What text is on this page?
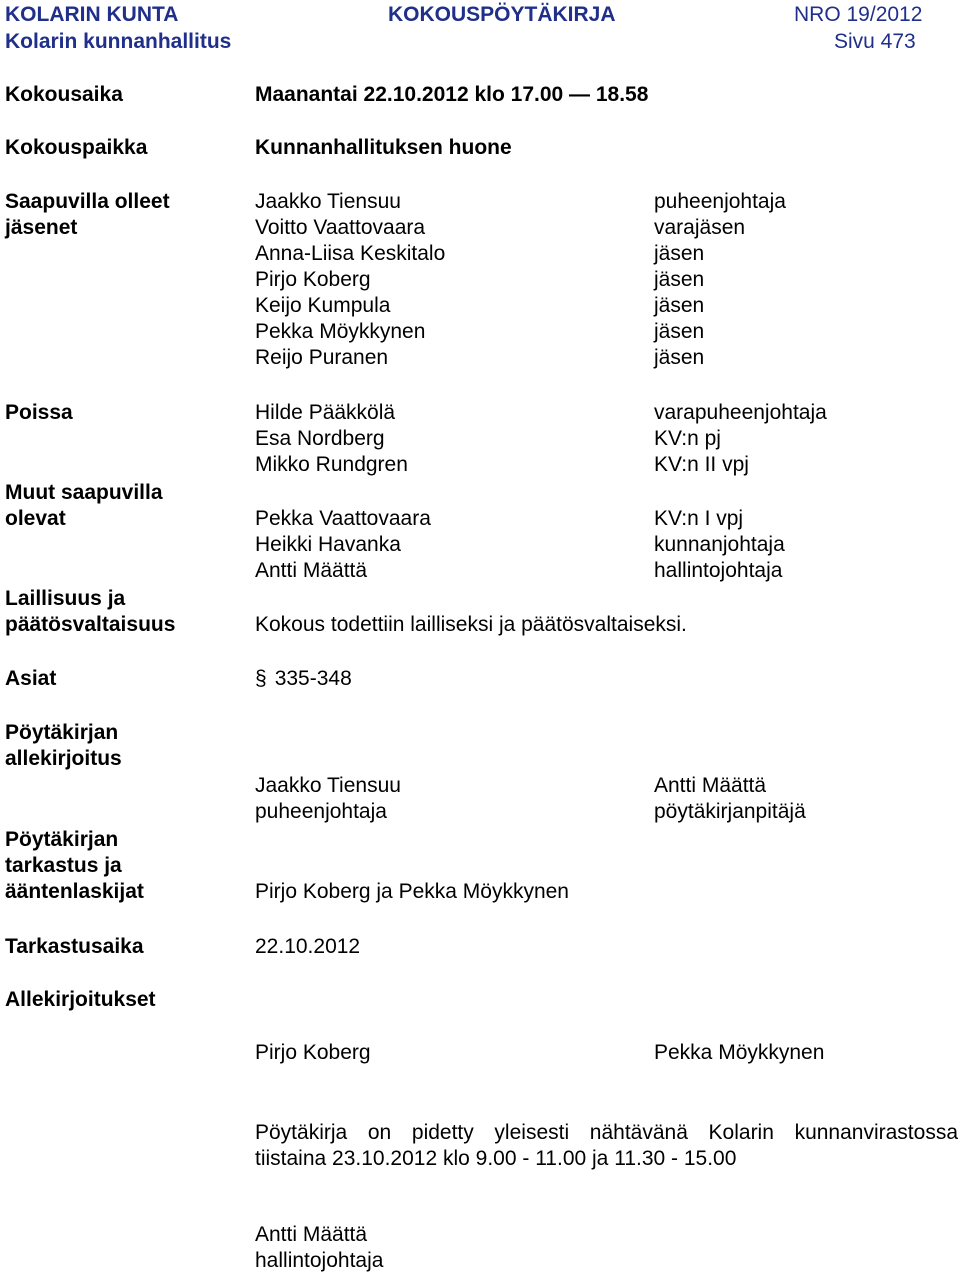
KOLARIN KUNTA	KOKOUSPÖYTÄKIRJA	NRO 19/2012
Kolarin kunnanhallitus	Sivu 473
Kokousaika	Maanantai 22.10.2012 klo 17.00 — 18.58
Kokouspaikka	Kunnanhallituksen huone
Saapuvilla olleet
jäsenet
Jaakko Tiensuu	puheenjohtaja
Voitto Vaattovaara	varajäsen
Anna-Liisa Keskitalo	jäsen
Pirjo Koberg	jäsen
Keijo Kumpula	jäsen
Pekka Möykkynen	jäsen
Reijo Puranen	jäsen
Poissa	Hilde Pääkkölä	varapuheenjohtaja
Esa Nordberg	KV:n pj
Mikko Rundgren	KV:n II vpj
Muut saapuvilla
olevat	Pekka Vaattovaara	KV:n I vpj
Heikki Havanka	kunnanjohtaja
Antti Määttä	hallintojohtaja
Laillisuus ja
päätösvaltaisuus	Kokous todettiin lailliseksi ja päätösvaltaiseksi.
Asiat	§ 335-348
Pöytäkirjan
allekirjoitus
Jaakko Tiensuu	Antti Määttä
puheenjohtaja	pöytäkirjanpitäjä
Pöytäkirjan
tarkastus ja
ääntenlaskijat	Pirjo Koberg ja Pekka Möykkynen
Tarkastusaika	22.10.2012
Allekirjoitukset
Pirjo Koberg	Pekka Möykkynen
Pöytäkirja on pidetty yleisesti nähtävänä Kolarin kunnanvirastossa
tiistaina 23.10.2012 klo 9.00 - 11.00 ja 11.30 - 15.00
Antti Määttä
hallintojohtaja
